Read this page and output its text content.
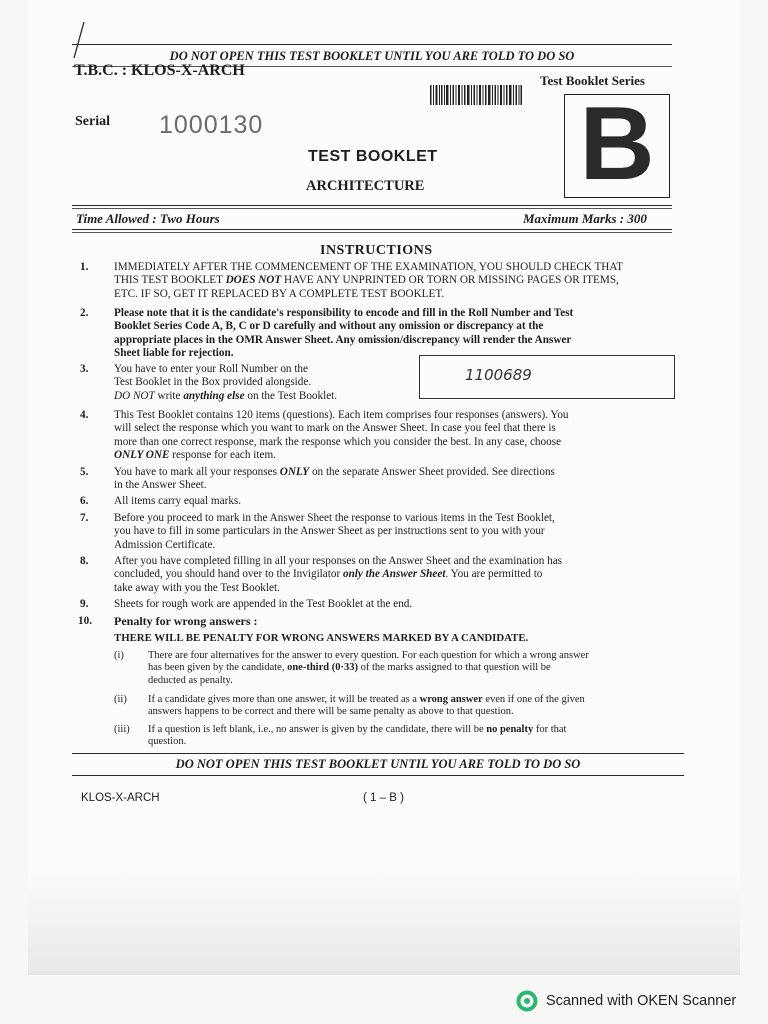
DO NOT OPEN THIS TEST BOOKLET UNTIL YOU ARE TOLD TO DO SO
T.B.C. : KLOS-X-ARCH
Test Booklet Series
Serial 1000130	B
TEST BOOKLET
ARCHITECTURE
Time Allowed : Two Hours	Maximum Marks : 300
INSTRUCTIONS
1. IMMEDIATELY AFTER THE COMMENCEMENT OF THE EXAMINATION, YOU SHOULD CHECK THAT
THIS TEST BOOKLET DOES NOT HAVE ANY UNPRINTED OR TORN OR MISSING PAGES OR ITEMS,
ETC. IF SO, GET IT REPLACED BY A COMPLETE TEST BOOKLET.
2. Please note that it is the candidate's responsibility to encode and fill in the Roll Number and Test
Booklet Series Code A, B, C or D carefully and without any omission or discrepancy at the
appropriate places in the OMR Answer Sheet. Any omission/discrepancy will render the Answer
Sheet liable for rejection.
3. You have to enter your Roll Number on the
Test Booklet in the Box provided alongside.
DO NOT write anything else on the Test Booklet.
1100689
4. This Test Booklet contains 120 items (questions). Each item comprises four responses (answers). You
will select the response which you want to mark on the Answer Sheet. In case you feel that there is
more than one correct response, mark the response which you consider the best. In any case, choose
ONLY ONE response for each item.
5. You have to mark all your responses ONLY on the separate Answer Sheet provided. See directions
in the Answer Sheet.
6. All items carry equal marks.
7. Before you proceed to mark in the Answer Sheet the response to various items in the Test Booklet,
you have to fill in some particulars in the Answer Sheet as per instructions sent to you with your
Admission Certificate.
8. After you have completed filling in all your responses on the Answer Sheet and the examination has
concluded, you should hand over to the Invigilator only the Answer Sheet. You are permitted to
take away with you the Test Booklet.
9. Sheets for rough work are appended in the Test Booklet at the end.
10. Penalty for wrong answers :
THERE WILL BE PENALTY FOR WRONG ANSWERS MARKED BY A CANDIDATE.
(i) There are four alternatives for the answer to every question. For each question for which a wrong answer
has been given by the candidate, one-third (0·33) of the marks assigned to that question will be
deducted as penalty.
(ii) If a candidate gives more than one answer, it will be treated as a wrong answer even if one of the given
answers happens to be correct and there will be same penalty as above to that question.
(iii) If a question is left blank, i.e., no answer is given by the candidate, there will be no penalty for that
question.
DO NOT OPEN THIS TEST BOOKLET UNTIL YOU ARE TOLD TO DO SO
KLOS-X-ARCH	( 1 – B )
Scanned with OKEN Scanner
